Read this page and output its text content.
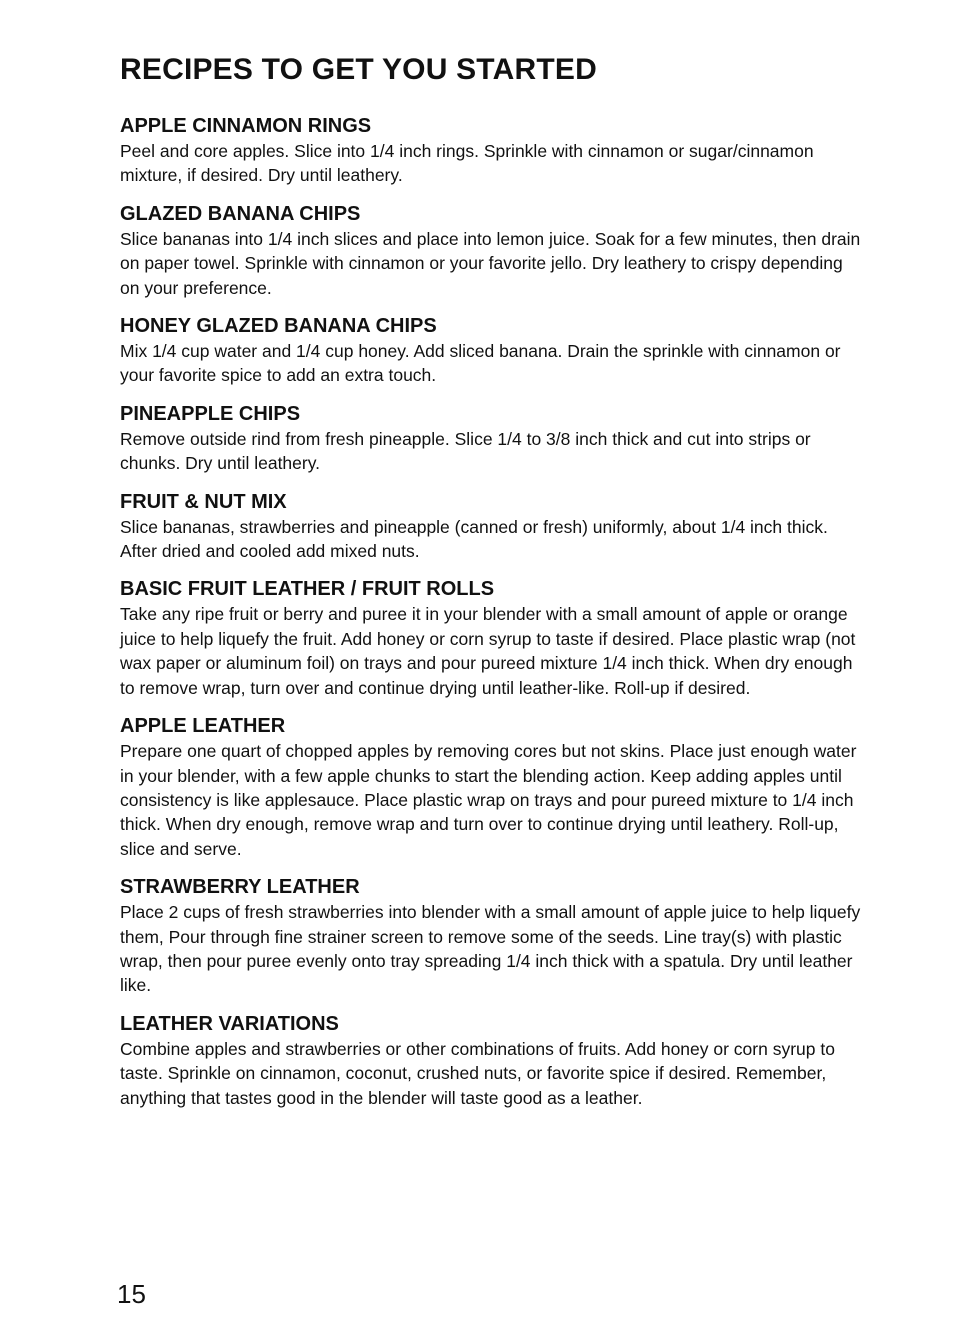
RECIPES TO GET YOU STARTED
APPLE CINNAMON RINGS

Peel and core apples. Slice into 1/4 inch rings. Sprinkle with cinnamon or sugar/cinnamon mixture, if desired. Dry until leathery.

GLAZED BANANA CHIPS

Slice bananas into 1/4 inch slices and place into lemon juice. Soak for a few minutes, then drain on paper towel. Sprinkle with cinnamon or your favorite jello. Dry leathery to crispy depending on your preference.

HONEY GLAZED BANANA CHIPS

Mix 1/4 cup water and 1/4 cup honey. Add sliced banana. Drain the sprinkle with cinnamon or your favorite spice to add an extra touch.

PINEAPPLE CHIPS

Remove outside rind from fresh pineapple. Slice 1/4 to 3/8 inch thick and cut into strips or chunks. Dry until leathery.

FRUIT & NUT MIX

Slice bananas, strawberries and pineapple (canned or fresh) uniformly, about 1/4 inch thick. After dried and cooled add mixed nuts.

BASIC FRUIT LEATHER / FRUIT ROLLS

Take any ripe fruit or berry and puree it in your blender with a small amount of apple or orange juice to help liquefy the fruit. Add honey or corn syrup to taste if desired. Place plastic wrap (not wax paper or aluminum foil) on trays and pour pureed mixture 1/4 inch thick. When dry enough to remove wrap, turn over and continue drying until leather-like. Roll-up if desired.

APPLE LEATHER

Prepare one quart of chopped apples by removing cores but not skins. Place just enough water in your blender, with a few apple chunks to start the blending action. Keep adding apples until consistency is like applesauce. Place plastic wrap on trays and pour pureed mixture to 1/4 inch thick. When dry enough, remove wrap and turn over to continue drying until leathery. Roll-up, slice and serve.

STRAWBERRY LEATHER

Place 2 cups of fresh strawberries into blender with a small amount of apple juice to help liquefy them, Pour through fine strainer screen to remove some of the seeds. Line tray(s) with plastic wrap, then pour puree evenly onto tray spreading 1/4 inch thick with a spatula. Dry until leather like.

LEATHER VARIATIONS

Combine apples and strawberries or other combinations of fruits. Add honey or corn syrup to taste. Sprinkle on cinnamon, coconut, crushed nuts, or favorite spice if desired. Remember, anything that tastes good in the blender will taste good as a leather.

15
